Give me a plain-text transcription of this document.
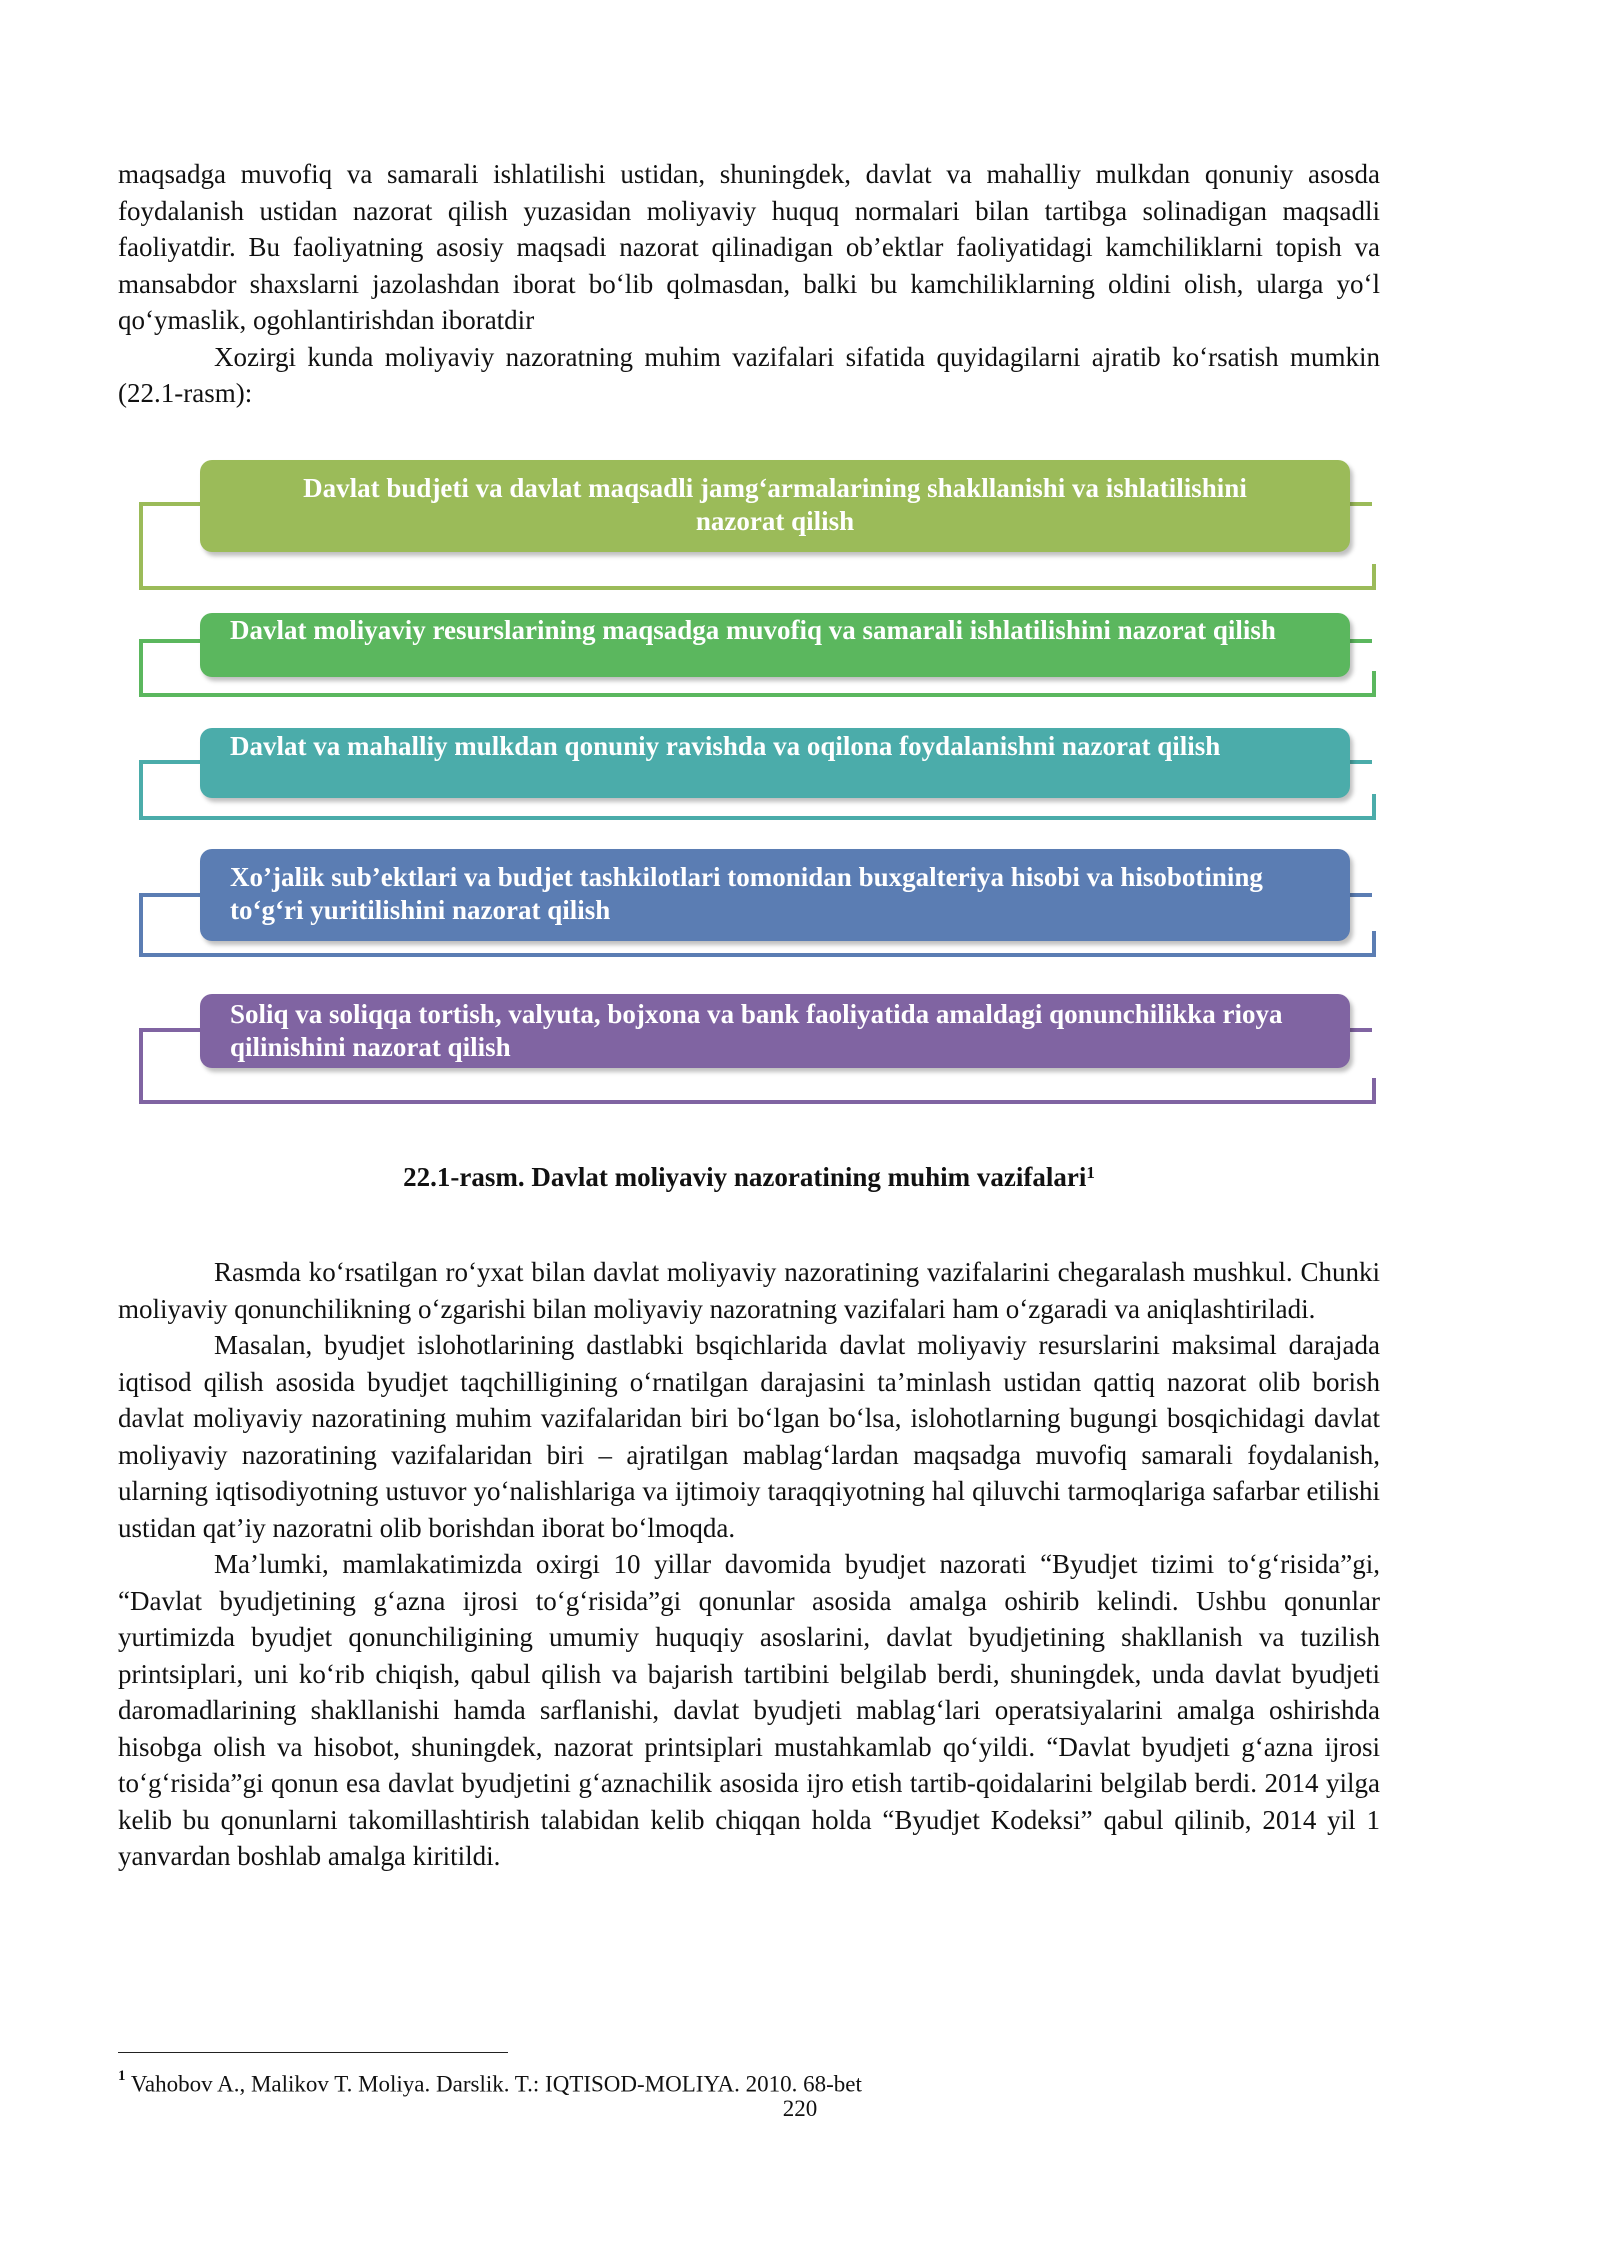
maqsadga muvofiq va samarali ishlatilishi ustidan, shuningdek, davlat va mahalliy mulkdan qonuniy asosda foydalanish ustidan nazorat qilish yuzasidan moliyaviy huquq normalari bilan tartibga solinadigan maqsadli faoliyatdir. Bu faoliyatning asosiy maqsadi nazorat qilinadigan ob’ektlar faoliyatidagi kamchiliklarni topish va mansabdor shaxslarni jazolashdan iborat bo‘lib qolmasdan, balki bu kamchiliklarning oldini olish, ularga yo‘l qo‘ymaslik, ogohlantirishdan iboratdir

Xozirgi kunda moliyaviy nazoratning muhim vazifalari sifatida quyidagilarni ajratib ko‘rsatish mumkin (22.1-rasm):

Davlat budjeti va davlat maqsadli jamg‘armalarining shakllanishi va ishlatilishini nazorat qilish
Davlat moliyaviy resurslarining maqsadga muvofiq va samarali ishlatilishini nazorat qilish
Davlat va mahalliy mulkdan qonuniy ravishda va oqilona foydalanishni nazorat qilish
Xo’jalik sub’ektlari va budjet tashkilotlari tomonidan buxgalteriya hisobi va hisobotining to‘g‘ri yuritilishini nazorat qilish
Soliq va soliqqa tortish, valyuta, bojxona va bank faoliyatida amaldagi qonunchilikka rioya qilinishini nazorat qilish
22.1-rasm. Davlat moliyaviy nazoratining muhim vazifalari$^1$

Rasmda ko‘rsatilgan ro‘yxat bilan davlat moliyaviy nazoratining vazifalarini chegaralash mushkul. Chunki moliyaviy qonunchilikning o‘zgarishi bilan moliyaviy nazoratning vazifalari ham o‘zgaradi va aniqlashtiriladi.

Masalan, byudjet islohotlarining dastlabki bsqichlarida davlat moliyaviy resurslarini maksimal darajada iqtisod qilish asosida byudjet taqchilligining o‘rnatilgan darajasini ta’minlash ustidan qattiq nazorat olib borish davlat moliyaviy nazoratining muhim vazifalaridan biri bo‘lgan bo‘lsa, islohotlarning bugungi bosqichidagi davlat moliyaviy nazoratining vazifalaridan biri – ajratilgan mablag‘lardan maqsadga muvofiq samarali foydalanish, ularning iqtisodiyotning ustuvor yo‘nalishlariga va ijtimoiy taraqqiyotning hal qiluvchi tarmoqlariga safarbar etilishi ustidan qat’iy nazoratni olib borishdan iborat bo‘lmoqda.

Ma’lumki, mamlakatimizda oxirgi 10 yillar davomida byudjet nazorati “Byudjet tizimi to‘g‘risida”gi, “Davlat byudjetining g‘azna ijrosi to‘g‘risida”gi qonunlar asosida amalga oshirib kelindi. Ushbu qonunlar yurtimizda byudjet qonunchiligining umumiy huquqiy asoslarini, davlat byudjetining shakllanish va tuzilish printsiplari, uni ko‘rib chiqish, qabul qilish va bajarish tartibini belgilab berdi, shuningdek, unda davlat byudjeti daromadlarining shakllanishi hamda sarflanishi, davlat byudjeti mablag‘lari operatsiyalarini amalga oshirishda hisobga olish va hisobot, shuningdek, nazorat printsiplari mustahkamlab qo‘yildi. “Davlat byudjeti g‘azna ijrosi to‘g‘risida”gi qonun esa davlat byudjetini g‘aznachilik asosida ijro etish tartib-qoidalarini belgilab berdi. 2014 yilga kelib bu qonunlarni takomillashtirish talabidan kelib chiqqan holda “Byudjet Kodeksi” qabul qilinib, 2014 yil 1 yanvardan boshlab amalga kiritildi.

$^1$ Vahobov A., Malikov T. Moliya. Darslik. T.: IQTISOD-MOLIYA. 2010. 68-bet
220
